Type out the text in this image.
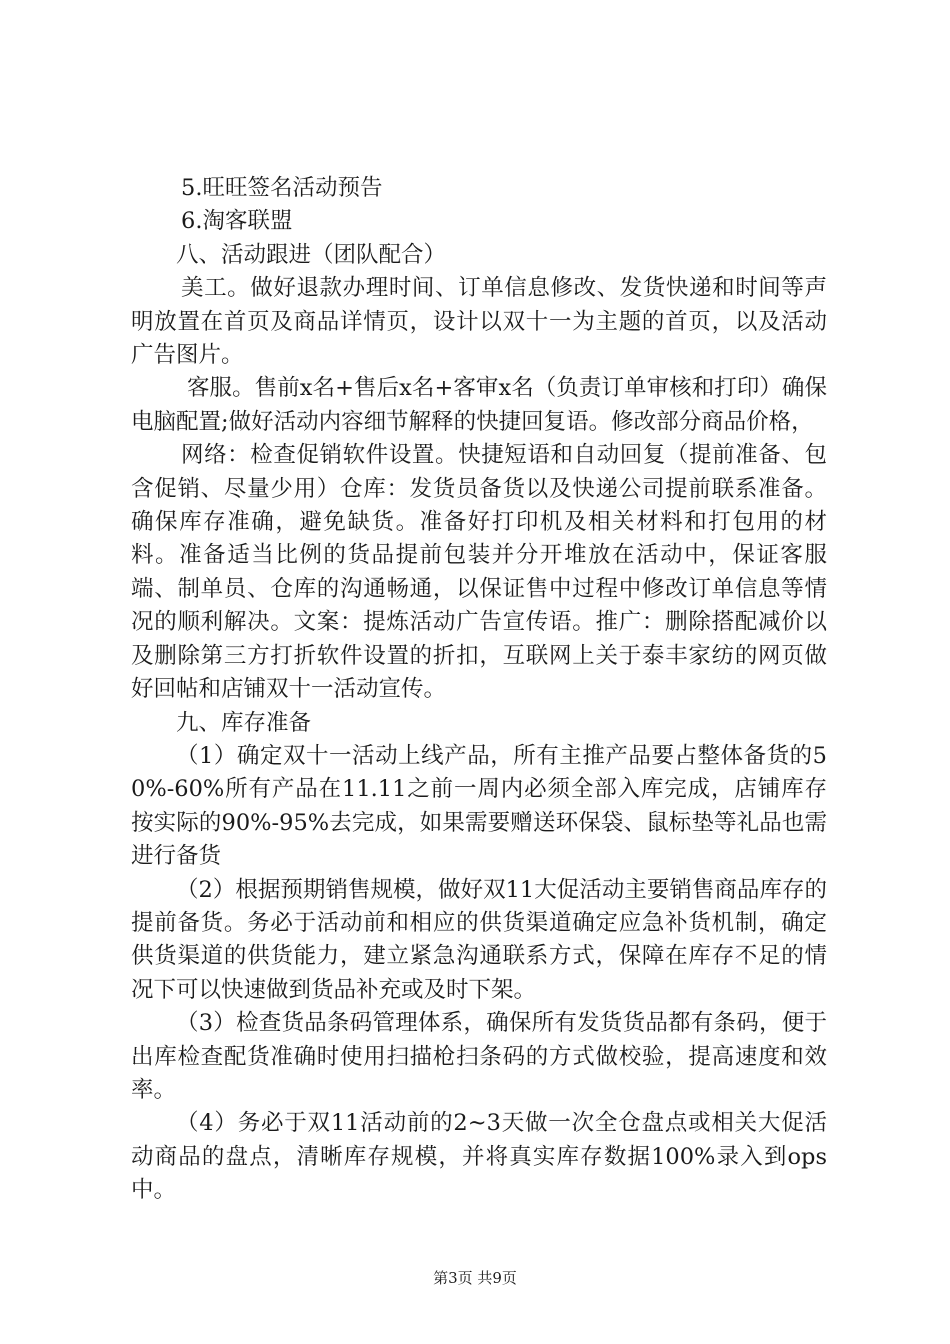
5.旺旺签名活动预告

6.淘客联盟

八、活动跟进（团队配合）

美工。做好退款办理时间、订单信息修改、发货快递和时间等声明放置在首页及商品详情页，设计以双十一为主题的首页，以及活动广告图片。

客服。售前x名+售后x名+客审x名（负责订单审核和打印）确保电脑配置;做好活动内容细节解释的快捷回复语。修改部分商品价格，

网络：检查促销软件设置。快捷短语和自动回复（提前准备、包含促销、尽量少用）仓库：发货员备货以及快递公司提前联系准备。确保库存准确，避免缺货。准备好打印机及相关材料和打包用的材料。准备适当比例的货品提前包装并分开堆放在活动中，保证客服端、制单员、仓库的沟通畅通，以保证售中过程中修改订单信息等情况的顺利解决。文案：提炼活动广告宣传语。推广：删除搭配减价以及删除第三方打折软件设置的折扣，互联网上关于泰丰家纺的网页做好回帖和店铺双十一活动宣传。

九、库存准备

（1）确定双十一活动上线产品，所有主推产品要占整体备货的50%-60%所有产品在11.11之前一周内必须全部入库完成，店铺库存按实际的90%-95%去完成，如果需要赠送环保袋、鼠标垫等礼品也需进行备货

（2）根据预期销售规模，做好双11大促活动主要销售商品库存的提前备货。务必于活动前和相应的供货渠道确定应急补货机制，确定供货渠道的供货能力，建立紧急沟通联系方式，保障在库存不足的情况下可以快速做到货品补充或及时下架。

（3）检查货品条码管理体系，确保所有发货货品都有条码，便于出库检查配货准确时使用扫描枪扫条码的方式做校验，提高速度和效率。

（4）务必于双11活动前的2~3天做一次全仓盘点或相关大促活动商品的盘点，清晰库存规模，并将真实库存数据100%录入到ops中。

第3页 共9页
